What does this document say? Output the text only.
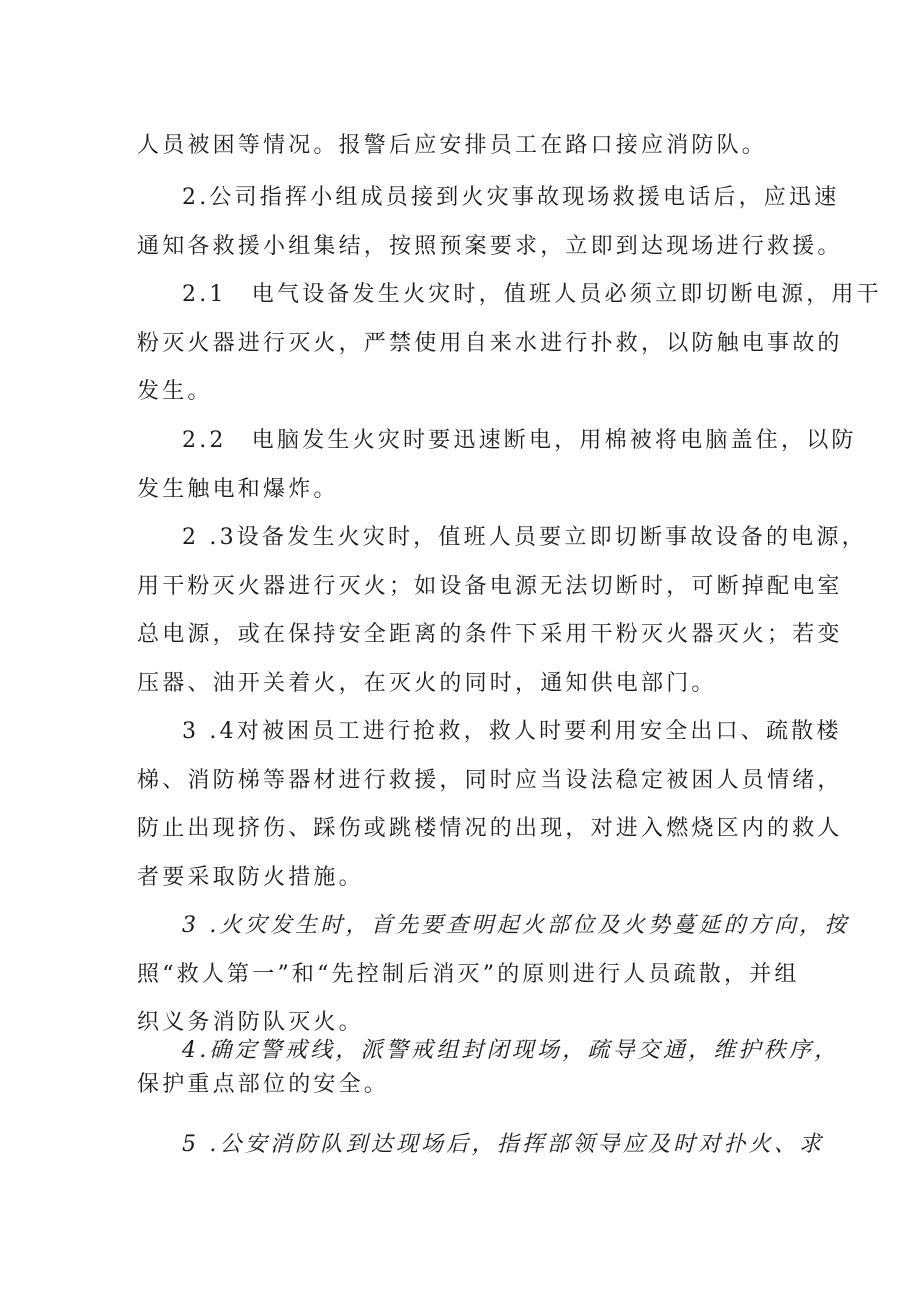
人员被困等情况。报警后应安排员工在路口接应消防队。
2.公司指挥小组成员接到火灾事故现场救援电话后，应迅速
通知各救援小组集结，按照预案要求，立即到达现场进行救援。
2.1　电气设备发生火灾时，值班人员必须立即切断电源，用干
粉灭火器进行灭火，严禁使用自来水进行扑救，以防触电事故的
发生。
2.2　电脑发生火灾时要迅速断电，用棉被将电脑盖住，以防
发生触电和爆炸。
2 .3设备发生火灾时，值班人员要立即切断事故设备的电源，
用干粉灭火器进行灭火；如设备电源无法切断时，可断掉配电室
总电源，或在保持安全距离的条件下采用干粉灭火器灭火；若变
压器、油开关着火，在灭火的同时，通知供电部门。
3 .4对被困员工进行抢救，救人时要利用安全出口、疏散楼
梯、消防梯等器材进行救援，同时应当设法稳定被困人员情绪，
防止出现挤伤、踩伤或跳楼情况的出现，对进入燃烧区内的救人
者要采取防火措施。
3 .火灾发生时，首先要查明起火部位及火势蔓延的方向，按
照“救人第一”和“先控制后消灭”的原则进行人员疏散，并组
织义务消防队灭火。
4.确定警戒线，派警戒组封闭现场，疏导交通，维护秩序，
保护重点部位的安全。
5 .公安消防队到达现场后，指挥部领导应及时对扑火、求
